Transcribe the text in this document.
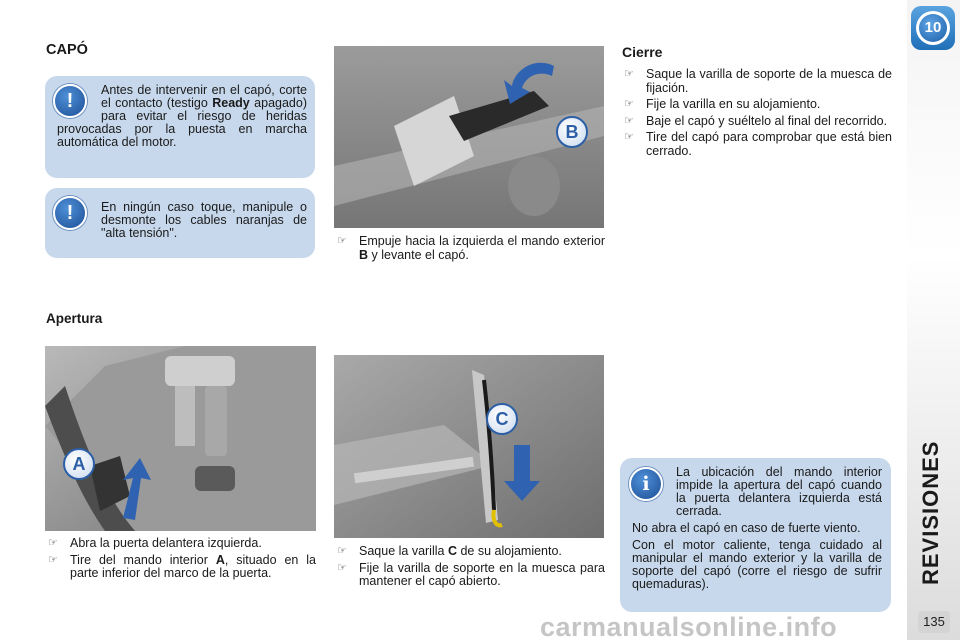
10
REVISIONES
135
CAPÓ
!	Antes de intervenir en el capó, corte el contacto (testigo Ready apagado) para evitar el riesgo de heridas provocadas por la puesta en marcha automática del motor.
!	En ningún caso toque, manipule o desmonte los cables naranjas de "alta tensión".
Apertura
A
☞ Abra la puerta delantera izquierda.
☞ Tire del mando interior A, situado en la parte inferior del marco de la puerta.
B
☞ Empuje hacia la izquierda el mando exterior B y levante el capó.
C
☞ Saque la varilla C de su alojamiento.
☞ Fije la varilla de soporte en la muesca para mantener el capó abierto.
Cierre
☞ Saque la varilla de soporte de la muesca de fijación.
☞ Fije la varilla en su alojamiento.
☞ Baje el capó y suéltelo al final del recorrido.
☞ Tire del capó para comprobar que está bien cerrado.
i
La ubicación del mando interior impide la apertura del capó cuando la puerta delantera izquierda está cerrada.
No abra el capó en caso de fuerte viento.
Con el motor caliente, tenga cuidado al manipular el mando exterior y la varilla de soporte del capó (corre el riesgo de sufrir quemaduras).
carmanualsonline.info
